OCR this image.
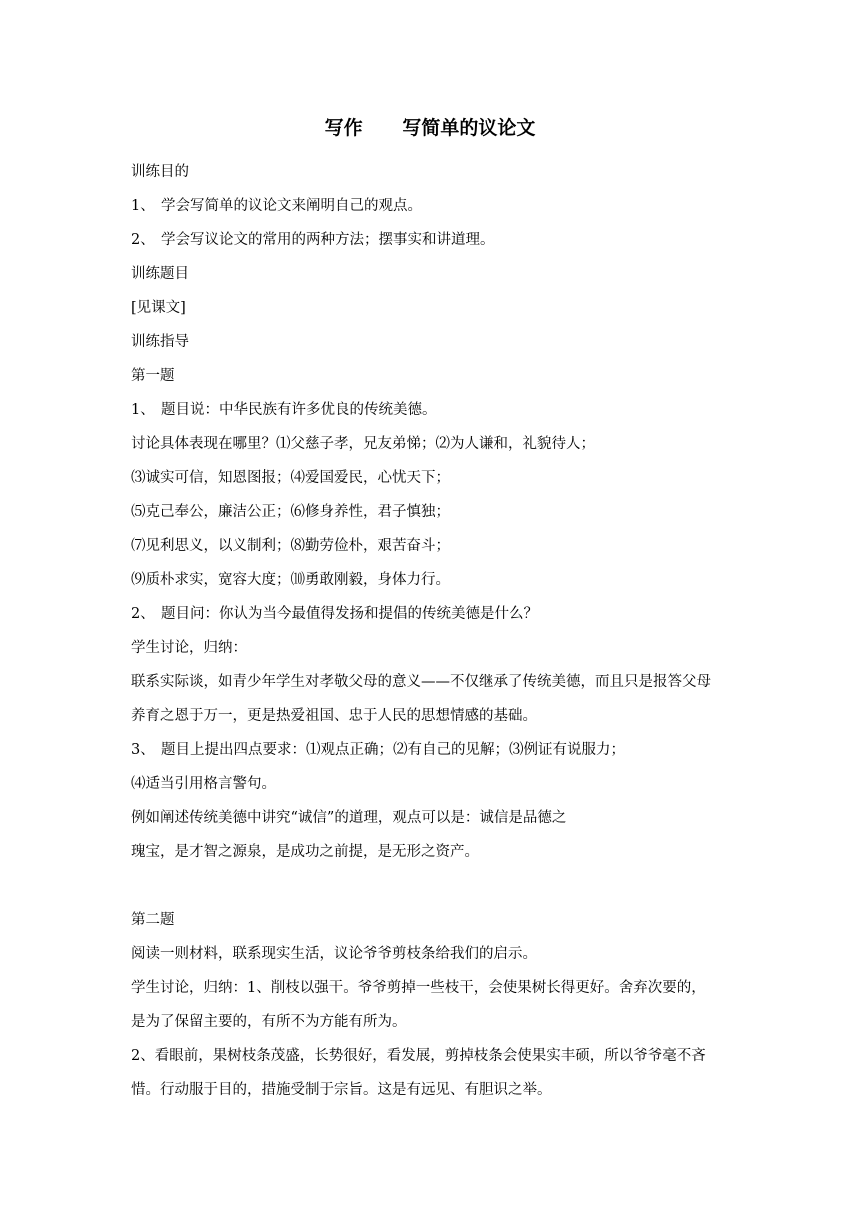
写作      写简单的议论文
训练目的
1、 学会写简单的议论文来阐明自己的观点。
2、 学会写议论文的常用的两种方法；摆事实和讲道理。
训练题目
[见课文]
训练指导
第一题
1、 题目说：中华民族有许多优良的传统美德。
讨论具体表现在哪里？⑴父慈子孝，兄友弟悌；⑵为人谦和，礼貌待人；
⑶诚实可信，知恩图报；⑷爱国爱民，心忧天下；
⑸克己奉公，廉洁公正；⑹修身养性，君子慎独；
⑺见利思义，以义制利；⑻勤劳俭朴，艰苦奋斗；
⑼质朴求实，宽容大度；⑽勇敢刚毅，身体力行。
2、 题目问：你认为当今最值得发扬和提倡的传统美德是什么？
学生讨论，归纳：
联系实际谈，如青少年学生对孝敬父母的意义——不仅继承了传统美德，而且只是报答父母
养育之恩于万一，更是热爱祖国、忠于人民的思想情感的基础。
3、 题目上提出四点要求：⑴观点正确；⑵有自己的见解；⑶例证有说服力；
⑷适当引用格言警句。
例如阐述传统美德中讲究“诚信”的道理，观点可以是：诚信是品德之
瑰宝，是才智之源泉，是成功之前提，是无形之资产。
第二题
阅读一则材料，联系现实生活，议论爷爷剪枝条给我们的启示。
学生讨论，归纳：1、削枝以强干。爷爷剪掉一些枝干，会使果树长得更好。舍弃次要的，
是为了保留主要的，有所不为方能有所为。
2、看眼前，果树枝条茂盛，长势很好，看发展，剪掉枝条会使果实丰硕，所以爷爷毫不吝
惜。行动服于目的，措施受制于宗旨。这是有远见、有胆识之举。
